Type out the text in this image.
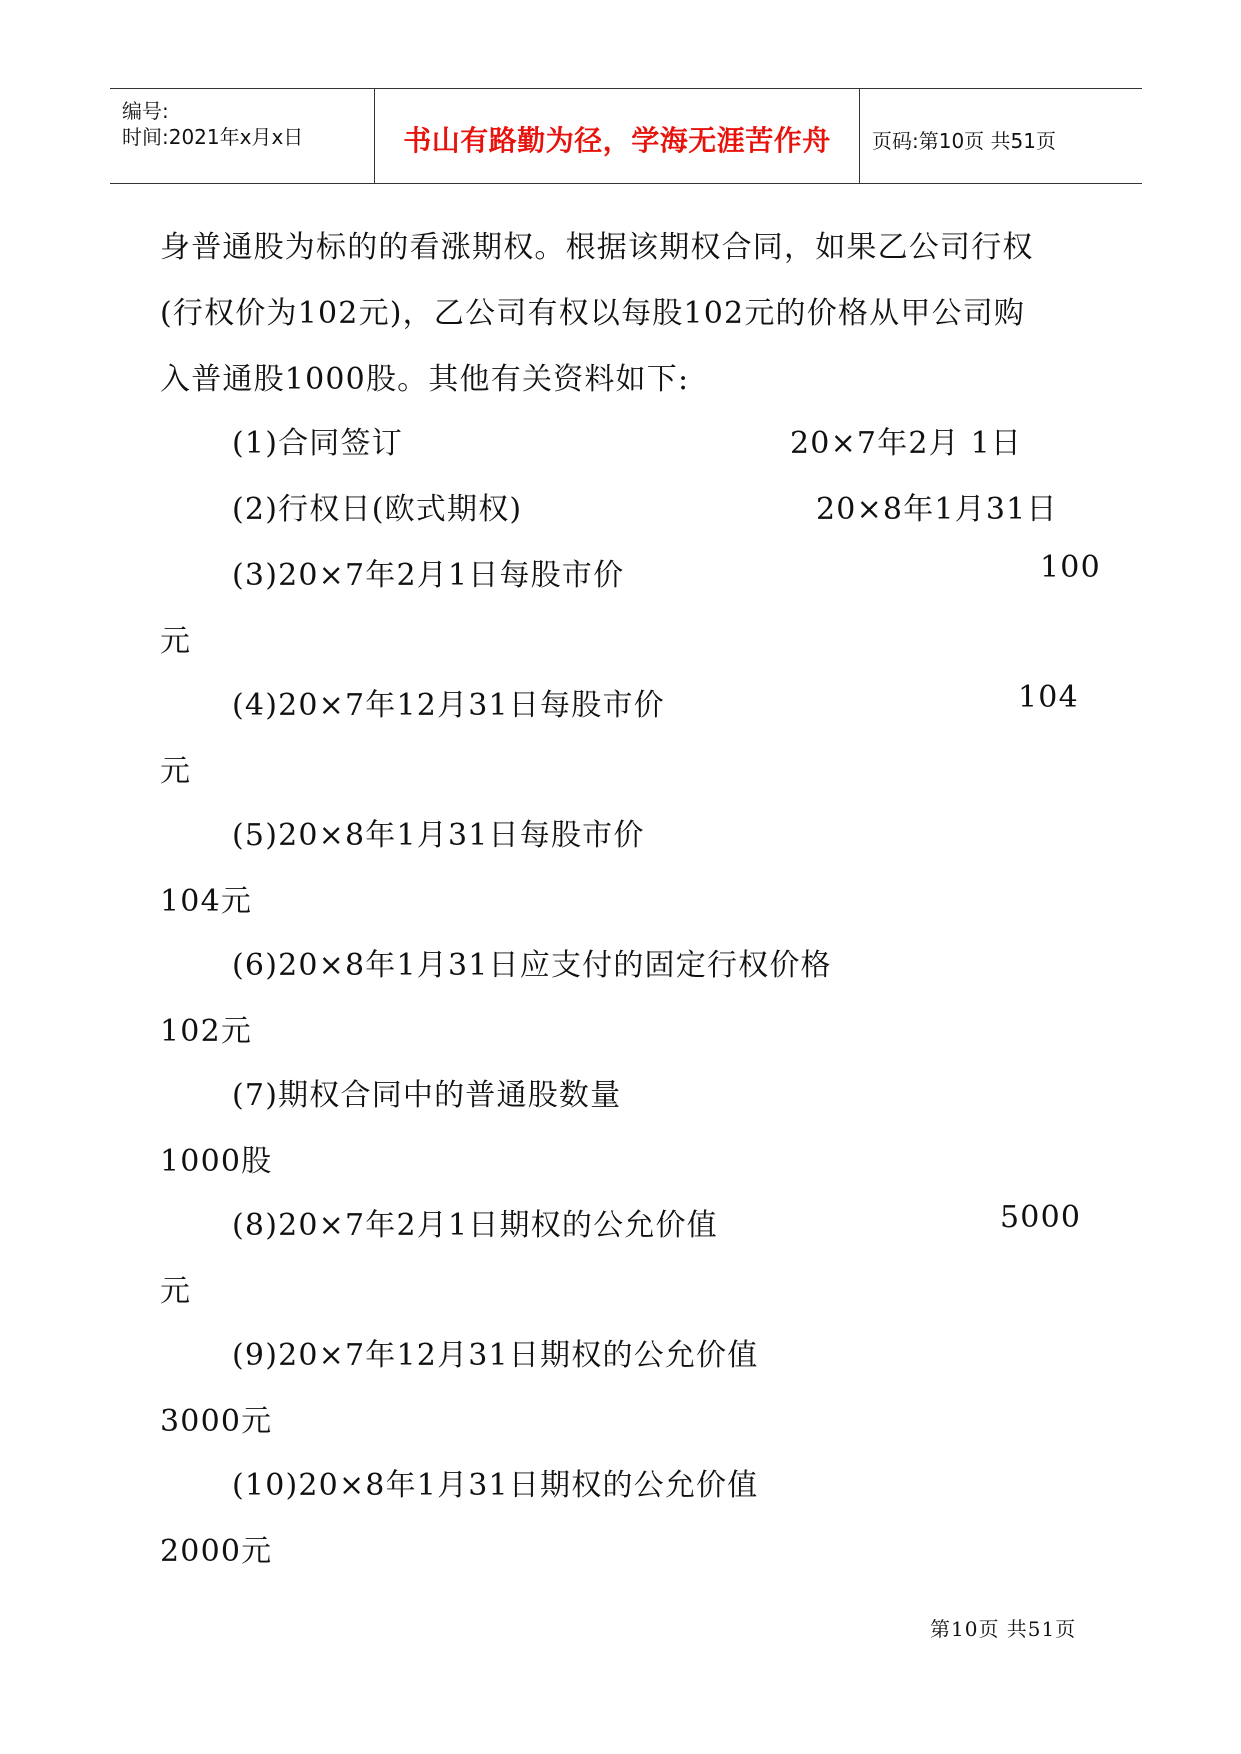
编号:
时间:2021年x月x日	书山有路勤为径，学海无涯苦作舟	页码:第10页 共51页
身普通股为标的的看涨期权。根据该期权合同，如果乙公司行权
(行权价为102元)，乙公司有权以每股102元的价格从甲公司购
入普通股1000股。其他有关资料如下:
(1)合同签订	20×7年2月 1日
(2)行权日(欧式期权)	20×8年1月31日
(3)20×7年2月1日每股市价	100
元
(4)20×7年12月31日每股市价	104
元
(5)20×8年1月31日每股市价
104元
(6)20×8年1月31日应支付的固定行权价格
102元
(7)期权合同中的普通股数量
1000股
(8)20×7年2月1日期权的公允价值	5000
元
(9)20×7年12月31日期权的公允价值
3000元
(10)20×8年1月31日期权的公允价值
2000元
第10页 共51页
